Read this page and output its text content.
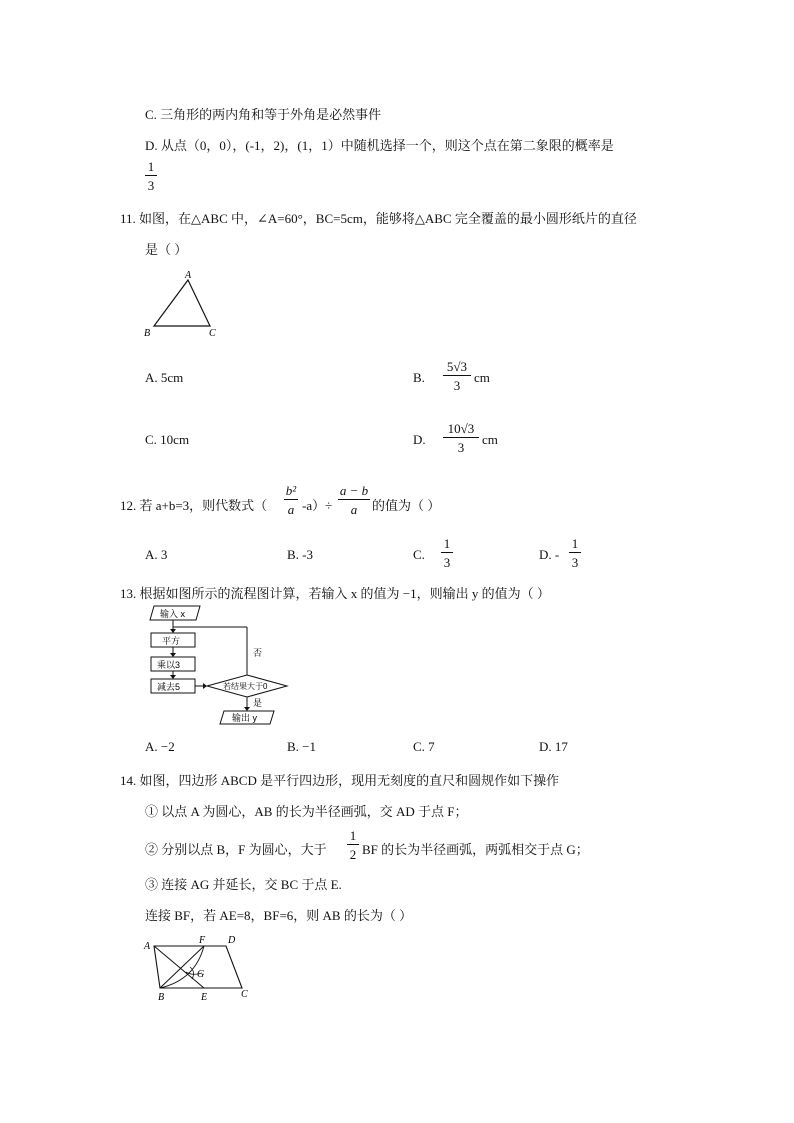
C. 三角形的两内角和等于外角是必然事件
D. 从点（0，0），(-1，2)，(1，1）中随机选择一个，则这个点在第二象限的概率是
$\frac{1}{3}$
11. 如图，在△ABC 中，∠A=60°，BC=5cm，能够将△ABC 完全覆盖的最小圆形纸片的直径
是（ ）
A
B	C
A. 5cm	B. $\frac{5√3}{3}$ cm
C. 10cm	D. $\frac{10√3}{3}$ cm
12. 若 a+b=3，则代数式（ $\frac{\text{b²}}{a} -a)\div \frac{a - b}{a}$ 的值为（ ）
A. 3	B. -3	C. $\frac{1}{3}$	D. - $\frac{1}{3}$
13. 根据如图所示的流程图计算，若输入 x 的值为 −1，则输出 y 的值为（ ）
输入 x
平方
乘以3
减去5	若结果大于0
否
是
输出 y
A. −2	B. −1	C. 7	D. 17
14. 如图，四边形 ABCD 是平行四边形，现用无刻度的直尺和圆规作如下操作
① 以点 A 为圆心，AB 的长为半径画弧，交 AD 于点 F；
② 分别以点 B，F 为圆心，大于 $\frac{1}{2}$ BF 的长为半径画弧，两弧相交于点 G；
③ 连接 AG 并延长，交 BC 于点 E.
连接 BF，若 AE=8，BF=6，则 AB 的长为（ ）
A
F D
G
B	E	C
